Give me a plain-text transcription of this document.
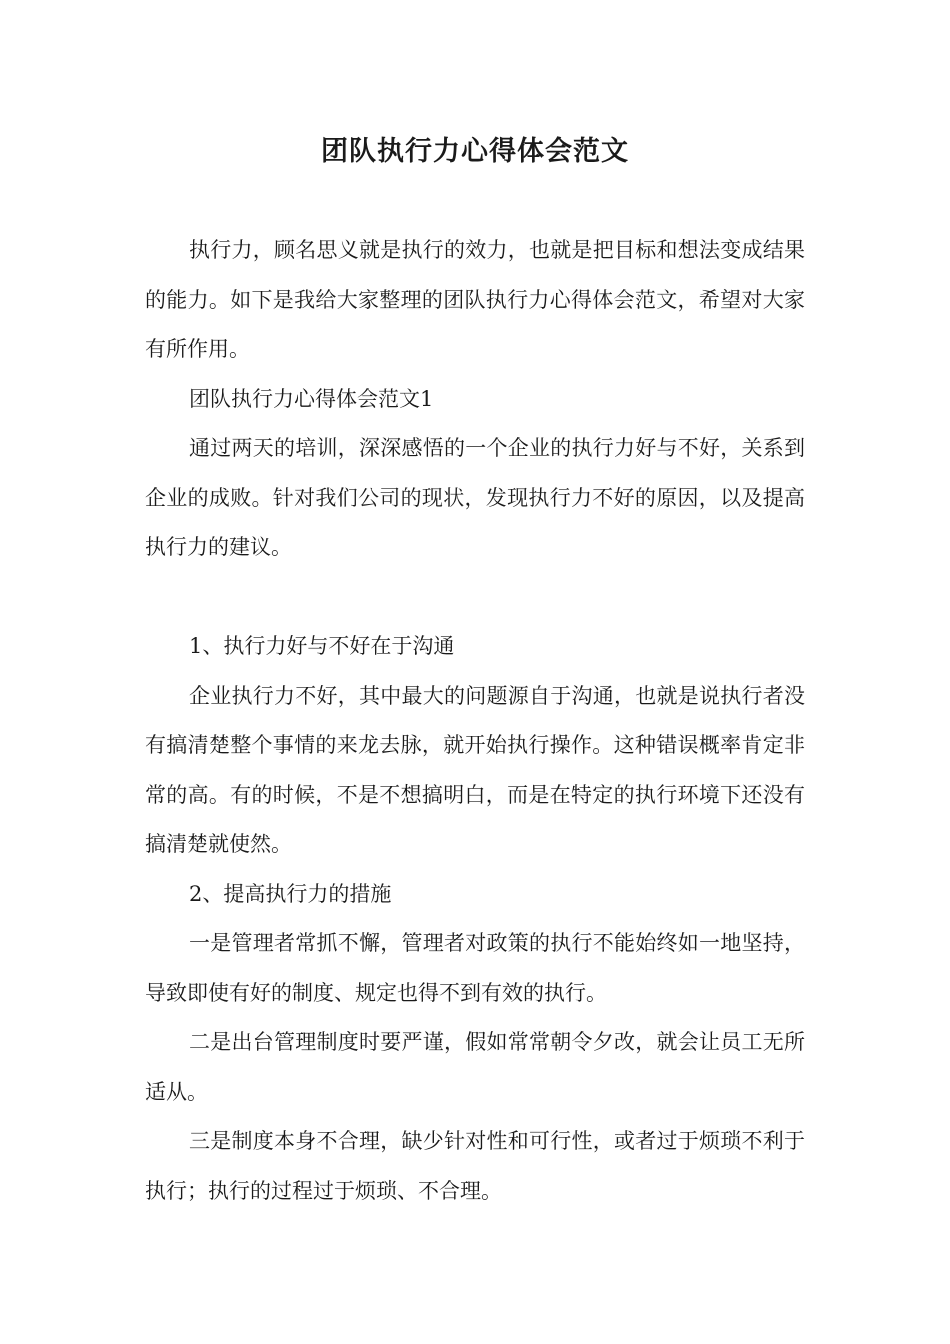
团队执行力心得体会范文

执行力，顾名思义就是执行的效力，也就是把目标和想法变成结果的能力。如下是我给大家整理的团队执行力心得体会范文，希望对大家有所作用。

团队执行力心得体会范文1

通过两天的培训，深深感悟的一个企业的执行力好与不好，关系到企业的成败。针对我们公司的现状，发现执行力不好的原因，以及提高执行力的建议。

1、执行力好与不好在于沟通

企业执行力不好，其中最大的问题源自于沟通，也就是说执行者没有搞清楚整个事情的来龙去脉，就开始执行操作。这种错误概率肯定非常的高。有的时候，不是不想搞明白，而是在特定的执行环境下还没有搞清楚就使然。

2、提高执行力的措施

一是管理者常抓不懈，管理者对政策的执行不能始终如一地坚持，导致即使有好的制度、规定也得不到有效的执行。

二是出台管理制度时要严谨，假如常常朝令夕改，就会让员工无所适从。

三是制度本身不合理，缺少针对性和可行性，或者过于烦琐不利于执行；执行的过程过于烦琐、不合理。
